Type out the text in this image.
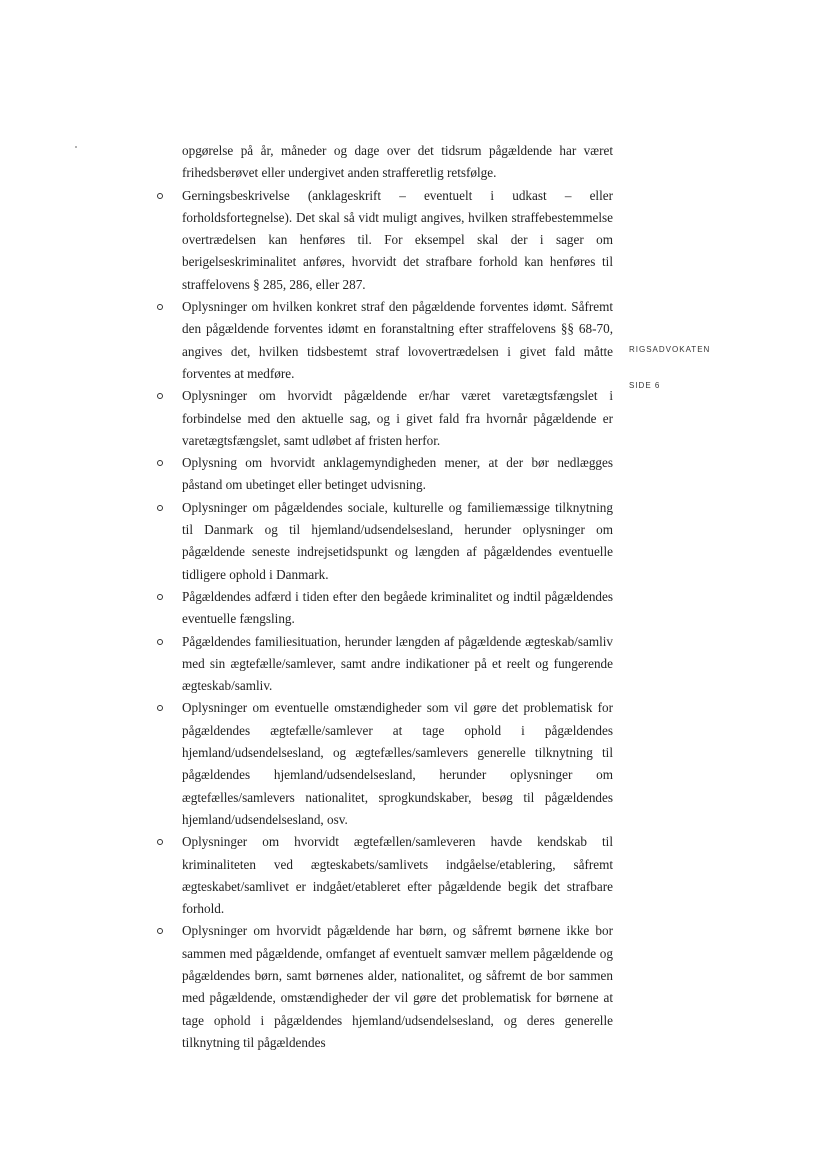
RIGSADVOKATEN
SIDE 6

opgørelse på år, måneder og dage over det tidsrum pågældende har været frihedsberøvet eller undergivet anden strafferetlig retsfølge.

Gerningsbeskrivelse (anklageskrift – eventuelt i udkast – eller forholdsfortegnelse). Det skal så vidt muligt angives, hvilken straffebestemmelse overtrædelsen kan henføres til. For eksempel skal der i sager om berigelseskriminalitet anføres, hvorvidt det strafbare forhold kan henføres til straffelovens § 285, 286, eller 287.
Oplysninger om hvilken konkret straf den pågældende forventes idømt. Såfremt den pågældende forventes idømt en foranstaltning efter straffelovens §§ 68-70, angives det, hvilken tidsbestemt straf lovovertrædelsen i givet fald måtte forventes at medføre.
Oplysninger om hvorvidt pågældende er/har været varetægtsfængslet i forbindelse med den aktuelle sag, og i givet fald fra hvornår pågældende er varetægtsfængslet, samt udløbet af fristen herfor.
Oplysning om hvorvidt anklagemyndigheden mener, at der bør nedlægges påstand om ubetinget eller betinget udvisning.
Oplysninger om pågældendes sociale, kulturelle og familiemæssige tilknytning til Danmark og til hjemland/udsendelsesland, herunder oplysninger om pågældende seneste indrejsetidspunkt og længden af pågældendes eventuelle tidligere ophold i Danmark.
Pågældendes adfærd i tiden efter den begåede kriminalitet og indtil pågældendes eventuelle fængsling.
Pågældendes familiesituation, herunder længden af pågældende ægteskab/samliv med sin ægtefælle/samlever, samt andre indikationer på et reelt og fungerende ægteskab/samliv.
Oplysninger om eventuelle omstændigheder som vil gøre det problematisk for pågældendes ægtefælle/samlever at tage ophold i pågældendes hjemland/udsendelsesland, og ægtefælles/samlevers generelle tilknytning til pågældendes hjemland/udsendelsesland, herunder oplysninger om ægtefælles/samlevers nationalitet, sprogkundskaber, besøg til pågældendes hjemland/udsendelsesland, osv.
Oplysninger om hvorvidt ægtefællen/samleveren havde kendskab til kriminaliteten ved ægteskabets/samlivets indgåelse/etablering, såfremt ægteskabet/samlivet er indgået/etableret efter pågældende begik det strafbare forhold.
Oplysninger om hvorvidt pågældende har børn, og såfremt børnene ikke bor sammen med pågældende, omfanget af eventuelt samvær mellem pågældende og pågældendes børn, samt børnenes alder, nationalitet, og såfremt de bor sammen med pågældende, omstændigheder der vil gøre det problematisk for børnene at tage ophold i pågældendes hjemland/udsendelsesland, og deres generelle tilknytning til pågældendes
